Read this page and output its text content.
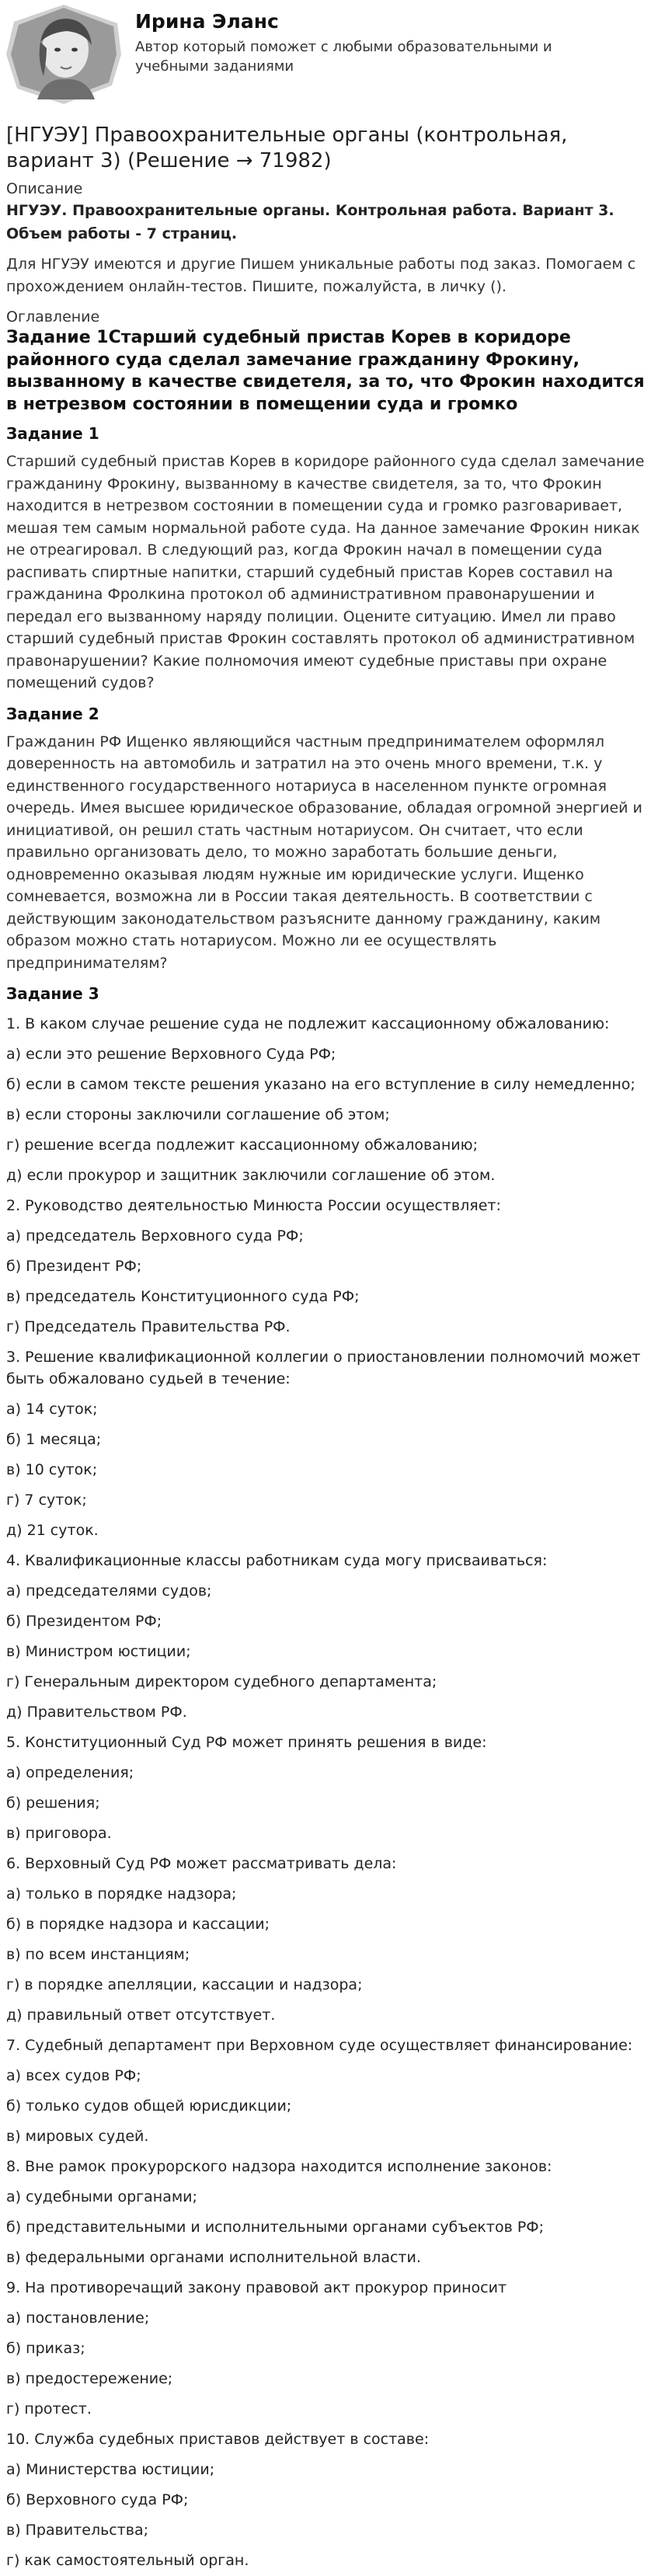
Ирина Эланс
Автор который поможет с любыми образовательными и учебными заданиями
[НГУЭУ] Правоохранительные органы (контрольная, вариант 3) (Решение → 71982)
Описание
НГУЭУ. Правоохранительные органы. Контрольная работа. Вариант 3. Объем работы - 7 страниц.
Для НГУЭУ имеются и другие Пишем уникальные работы под заказ. Помогаем с прохождением онлайн-тестов. Пишите, пожалуйста, в личку ().
Оглавление
Задание 1Старший судебный пристав Корев в коридоре районного суда сделал замечание гражданину Фрокину, вызванному в качестве свидетеля, за то, что Фрокин находится в нетрезвом состоянии в помещении суда и громко
Задание 1
Старший судебный пристав Корев в коридоре районного суда сделал замечание гражданину Фрокину, вызванному в качестве свидетеля, за то, что Фрокин находится в нетрезвом состоянии в помещении суда и громко разговаривает, мешая тем самым нормальной работе суда. На данное замечание Фрокин никак не отреагировал. В следующий раз, когда Фрокин начал в помещении суда распивать спиртные напитки, старший судебный пристав Корев составил на гражданина Фролкина протокол об административном правонарушении и передал его вызванному наряду полиции. Оцените ситуацию. Имел ли право старший судебный пристав Фрокин составлять протокол об административном правонарушении? Какие полномочия имеют судебные приставы при охране помещений судов?
Задание 2
Гражданин РФ Ищенко являющийся частным предпринимателем оформлял доверенность на автомобиль и затратил на это очень много времени, т.к. у единственного государственного нотариуса в населенном пункте огромная очередь. Имея высшее юридическое образование, обладая огромной энергией и инициативой, он решил стать частным нотариусом. Он считает, что если правильно организовать дело, то можно заработать большие деньги, одновременно оказывая людям нужные им юридические услуги. Ищенко сомневается, возможна ли в России такая деятельность. В соответствии с действующим законодательством разъясните данному гражданину, каким образом можно стать нотариусом. Можно ли ее осуществлять предпринимателям?
Задание 3
1. В каком случае решение суда не подлежит кассационному обжалованию:
а) если это решение Верховного Суда РФ;
б) если в самом тексте решения указано на его вступление в силу немедленно;
в) если стороны заключили соглашение об этом;
г) решение всегда подлежит кассационному обжалованию;
д) если прокурор и защитник заключили соглашение об этом.
2. Руководство деятельностью Минюста России осуществляет:
а) председатель Верховного суда РФ;
б) Президент РФ;
в) председатель Конституционного суда РФ;
г) Председатель Правительства РФ.
3. Решение квалификационной коллегии о приостановлении полномочий может быть обжаловано судьей в течение:
а) 14 суток;
б) 1 месяца;
в) 10 суток;
г) 7 суток;
д) 21 суток.
4. Квалификационные классы работникам суда могу присваиваться:
а) председателями судов;
б) Президентом РФ;
в) Министром юстиции;
г) Генеральным директором судебного департамента;
д) Правительством РФ.
5. Конституционный Суд РФ может принять решения в виде:
а) определения;
б) решения;
в) приговора.
6. Верховный Суд РФ может рассматривать дела:
а) только в порядке надзора;
б) в порядке надзора и кассации;
в) по всем инстанциям;
г) в порядке апелляции, кассации и надзора;
д) правильный ответ отсутствует.
7. Судебный департамент при Верховном суде осуществляет финансирование:
а) всех судов РФ;
б) только судов общей юрисдикции;
в) мировых судей.
8. Вне рамок прокурорского надзора находится исполнение законов:
а) судебными органами;
б) представительными и исполнительными органами субъектов РФ;
в) федеральными органами исполнительной власти.
9. На противоречащий закону правовой акт прокурор приносит
а) постановление;
б) приказ;
в) предостережение;
г) протест.
10. Служба судебных приставов действует в составе:
а) Министерства юстиции;
б) Верховного суда РФ;
в) Правительства;
г) как самостоятельный орган.
